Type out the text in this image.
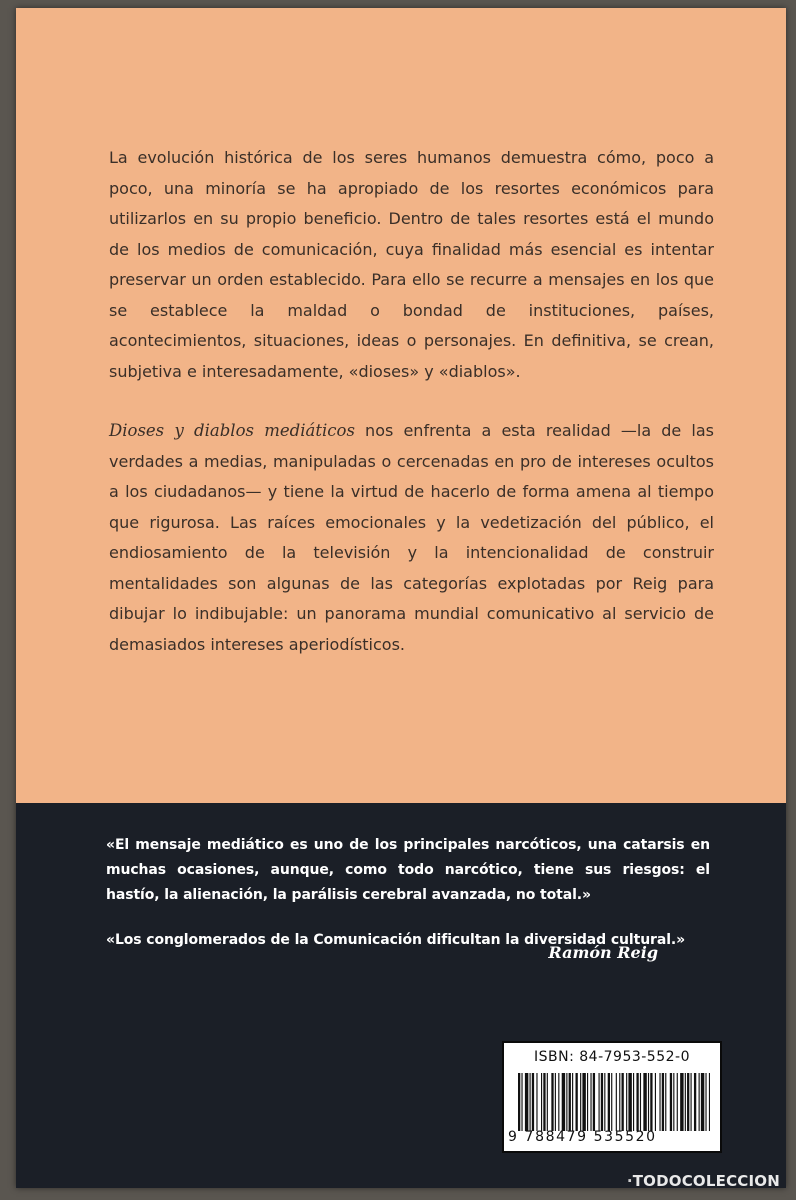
La evolución histórica de los seres humanos demuestra cómo, poco a poco, una minoría se ha apropiado de los resortes económicos para utilizarlos en su propio beneficio. Dentro de tales resortes está el mundo de los medios de comunicación, cuya finalidad más esencial es intentar preservar un orden establecido. Para ello se recurre a mensajes en los que se establece la maldad o bondad de instituciones, países, acontecimientos, situaciones, ideas o personajes. En definitiva, se crean, subjetiva e interesadamente, «dioses» y «diablos».

Dioses y diablos mediáticos nos enfrenta a esta realidad —la de las verdades a medias, manipuladas o cercenadas en pro de intereses ocultos a los ciudadanos— y tiene la virtud de hacerlo de forma amena al tiempo que rigurosa. Las raíces emocionales y la vedetización del público, el endiosamiento de la televisión y la intencionalidad de construir mentalidades son algunas de las categorías explotadas por Reig para dibujar lo indibujable: un panorama mundial comunicativo al servicio de demasiados intereses aperiodísticos.

«El mensaje mediático es uno de los principales narcóticos, una catarsis en muchas ocasiones, aunque, como todo narcótico, tiene sus riesgos: el hastío, la alienación, la parálisis cerebral avanzada, no total.»

«Los conglomerados de la Comunicación dificultan la diversidad cultural.»

Ramón Reig
ISBN: 84-7953-552-0
9 788479 535520
·TODOCOLECCION
